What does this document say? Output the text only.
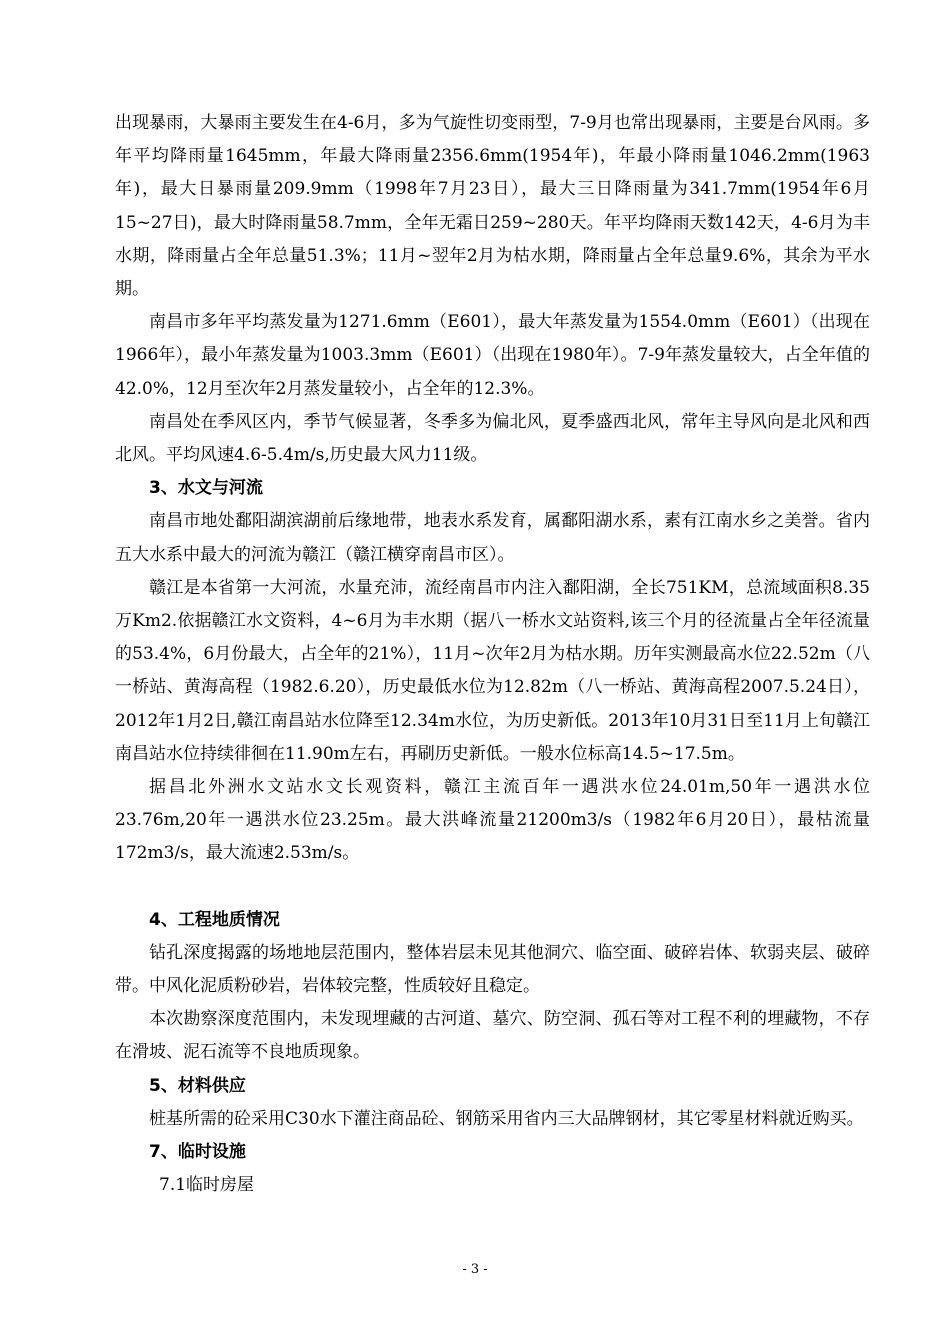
出现暴雨，大暴雨主要发生在4-6月，多为气旋性切变雨型，7-9月也常出现暴雨，主要是台风雨。多年平均降雨量1645mm，年最大降雨量2356.6mm(1954年)，年最小降雨量1046.2mm(1963年)，最大日暴雨量209.9mm（1998年7月23日），最大三日降雨量为341.7mm(1954年6月15~27日)，最大时降雨量58.7mm，全年无霜日259~280天。年平均降雨天数142天，4-6月为丰水期，降雨量占全年总量51.3%；11月~翌年2月为枯水期，降雨量占全年总量9.6%，其余为平水期。

南昌市多年平均蒸发量为1271.6mm（E601），最大年蒸发量为1554.0mm（E601）（出现在1966年），最小年蒸发量为1003.3mm（E601）（出现在1980年）。7-9年蒸发量较大，占全年值的42.0%，12月至次年2月蒸发量较小，占全年的12.3%。

南昌处在季风区内，季节气候显著，冬季多为偏北风，夏季盛西北风，常年主导风向是北风和西北风。平均风速4.6-5.4m/s,历史最大风力11级。

3、水文与河流

南昌市地处鄱阳湖滨湖前后缘地带，地表水系发育，属鄱阳湖水系，素有江南水乡之美誉。省内五大水系中最大的河流为赣江（赣江横穿南昌市区）。

赣江是本省第一大河流，水量充沛，流经南昌市内注入鄱阳湖，全长751KM，总流域面积8.35万Km2.依据赣江水文资料，4~6月为丰水期（据八一桥水文站资料,该三个月的径流量占全年径流量的53.4%，6月份最大，占全年的21%），11月~次年2月为枯水期。历年实测最高水位22.52m（八一桥站、黄海高程（1982.6.20），历史最低水位为12.82m（八一桥站、黄海高程2007.5.24日），2012年1月2日,赣江南昌站水位降至12.34m水位，为历史新低。2013年10月31日至11月上旬赣江南昌站水位持续徘徊在11.90m左右，再刷历史新低。一般水位标高14.5~17.5m。

据昌北外洲水文站水文长观资料，赣江主流百年一遇洪水位24.01m,50年一遇洪水位23.76m,20年一遇洪水位23.25m。最大洪峰流量21200m3/s（1982年6月20日），最枯流量172m3/s，最大流速2.53m/s。

4、工程地质情况

钻孔深度揭露的场地地层范围内，整体岩层未见其他洞穴、临空面、破碎岩体、软弱夹层、破碎带。中风化泥质粉砂岩，岩体较完整，性质较好且稳定。

本次勘察深度范围内，未发现埋藏的古河道、墓穴、防空洞、孤石等对工程不利的埋藏物，不存在滑坡、泥石流等不良地质现象。

5、材料供应

桩基所需的砼采用C30水下灌注商品砼、钢筋采用省内三大品牌钢材，其它零星材料就近购买。

7、临时设施

7.1临时房屋

- 3 -
